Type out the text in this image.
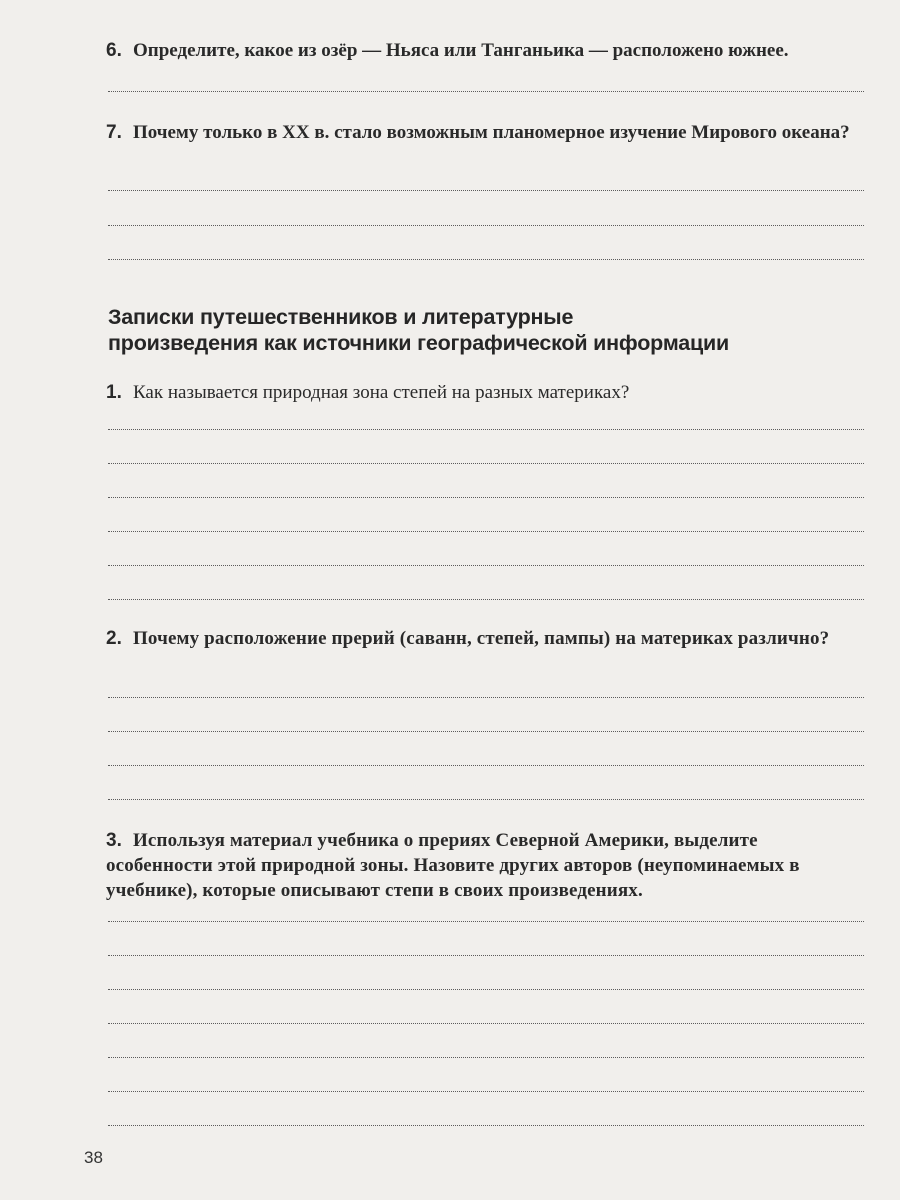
6. Определите, какое из озёр — Ньяса или Танганьика — расположено южнее.
7. Почему только в XX в. стало возможным планомерное изучение Мирового океана?
Записки путешественников и литературные
произведения как источники географической информации
1. Как называется природная зона степей на разных материках?
2. Почему расположение прерий (саванн, степей, пампы) на материках различно?
3. Используя материал учебника о прериях Северной Америки, выделите особенности этой природной зоны. Назовите других авторов (неупоминаемых в учебнике), которые описывают степи в своих произведениях.
38
